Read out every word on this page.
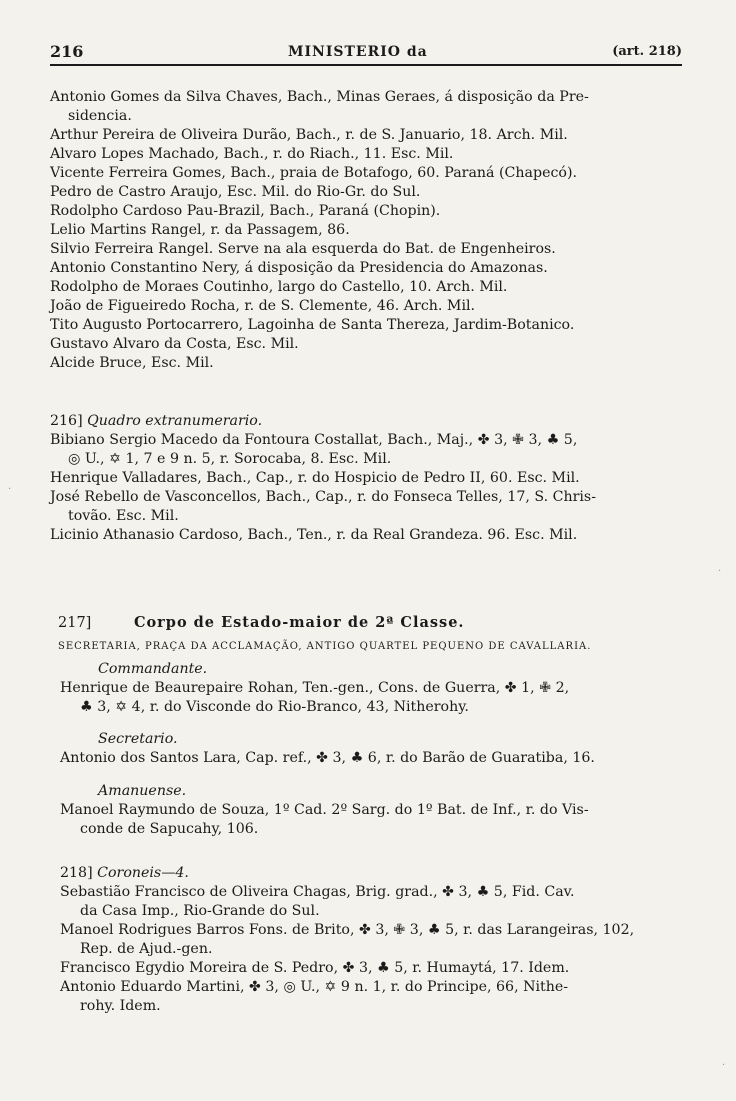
216	MINISTERIO da	(art. 218)
Antonio Gomes da Silva Chaves, Bach., Minas Geraes, á disposição da Pre-
sidencia.
Arthur Pereira de Oliveira Durão, Bach., r. de S. Januario, 18. Arch. Mil.
Alvaro Lopes Machado, Bach., r. do Riach., 11. Esc. Mil.
Vicente Ferreira Gomes, Bach., praia de Botafogo, 60. Paraná (Chapecó).
Pedro de Castro Araujo, Esc. Mil. do Rio-Gr. do Sul.
Rodolpho Cardoso Pau-Brazil, Bach., Paraná (Chopin).
Lelio Martins Rangel, r. da Passagem, 86.
Silvio Ferreira Rangel. Serve na ala esquerda do Bat. de Engenheiros.
Antonio Constantino Nery, á disposição da Presidencia do Amazonas.
Rodolpho de Moraes Coutinho, largo do Castello, 10. Arch. Mil.
João de Figueiredo Rocha, r. de S. Clemente, 46. Arch. Mil.
Tito Augusto Portocarrero, Lagoinha de Santa Thereza, Jardim-Botanico.
Gustavo Alvaro da Costa, Esc. Mil.
Alcide Bruce, Esc. Mil.
216] Quadro extranumerario.
Bibiano Sergio Macedo da Fontoura Costallat, Bach., Maj., ✤ 3, ✙ 3, ♣ 5,
◎ U., ✡ 1, 7 e 9 n. 5, r. Sorocaba, 8. Esc. Mil.
Henrique Valladares, Bach., Cap., r. do Hospicio de Pedro II, 60. Esc. Mil.
José Rebello de Vasconcellos, Bach., Cap., r. do Fonseca Telles, 17, S. Chris-
tovão. Esc. Mil.
Licinio Athanasio Cardoso, Bach., Ten., r. da Real Grandeza. 96. Esc. Mil.
217]	Corpo de Estado-maior de 2ª Classe.
SECRETARIA, PRAÇA DA ACCLAMAÇÃO, ANTIGO QUARTEL PEQUENO DE CAVALLARIA.
Commandante.
Henrique de Beaurepaire Rohan, Ten.-gen., Cons. de Guerra, ✤ 1, ✙ 2,
♣ 3, ✡ 4, r. do Visconde do Rio-Branco, 43, Nitherohy.
Secretario.
Antonio dos Santos Lara, Cap. ref., ✤ 3, ♣ 6, r. do Barão de Guaratiba, 16.
Amanuense.
Manoel Raymundo de Souza, 1º Cad. 2º Sarg. do 1º Bat. de Inf., r. do Vis-
conde de Sapucahy, 106.
218] Coroneis—4.
Sebastião Francisco de Oliveira Chagas, Brig. grad., ✤ 3, ♣ 5, Fid. Cav.
da Casa Imp., Rio-Grande do Sul.
Manoel Rodrigues Barros Fons. de Brito, ✤ 3, ✙ 3, ♣ 5, r. das Larangeiras, 102,
Rep. de Ajud.-gen.
Francisco Egydio Moreira de S. Pedro, ✤ 3, ♣ 5, r. Humaytá, 17. Idem.
Antonio Eduardo Martini, ✤ 3, ◎ U., ✡ 9 n. 1, r. do Principe, 66, Nithe-
rohy. Idem.
·
·
·
